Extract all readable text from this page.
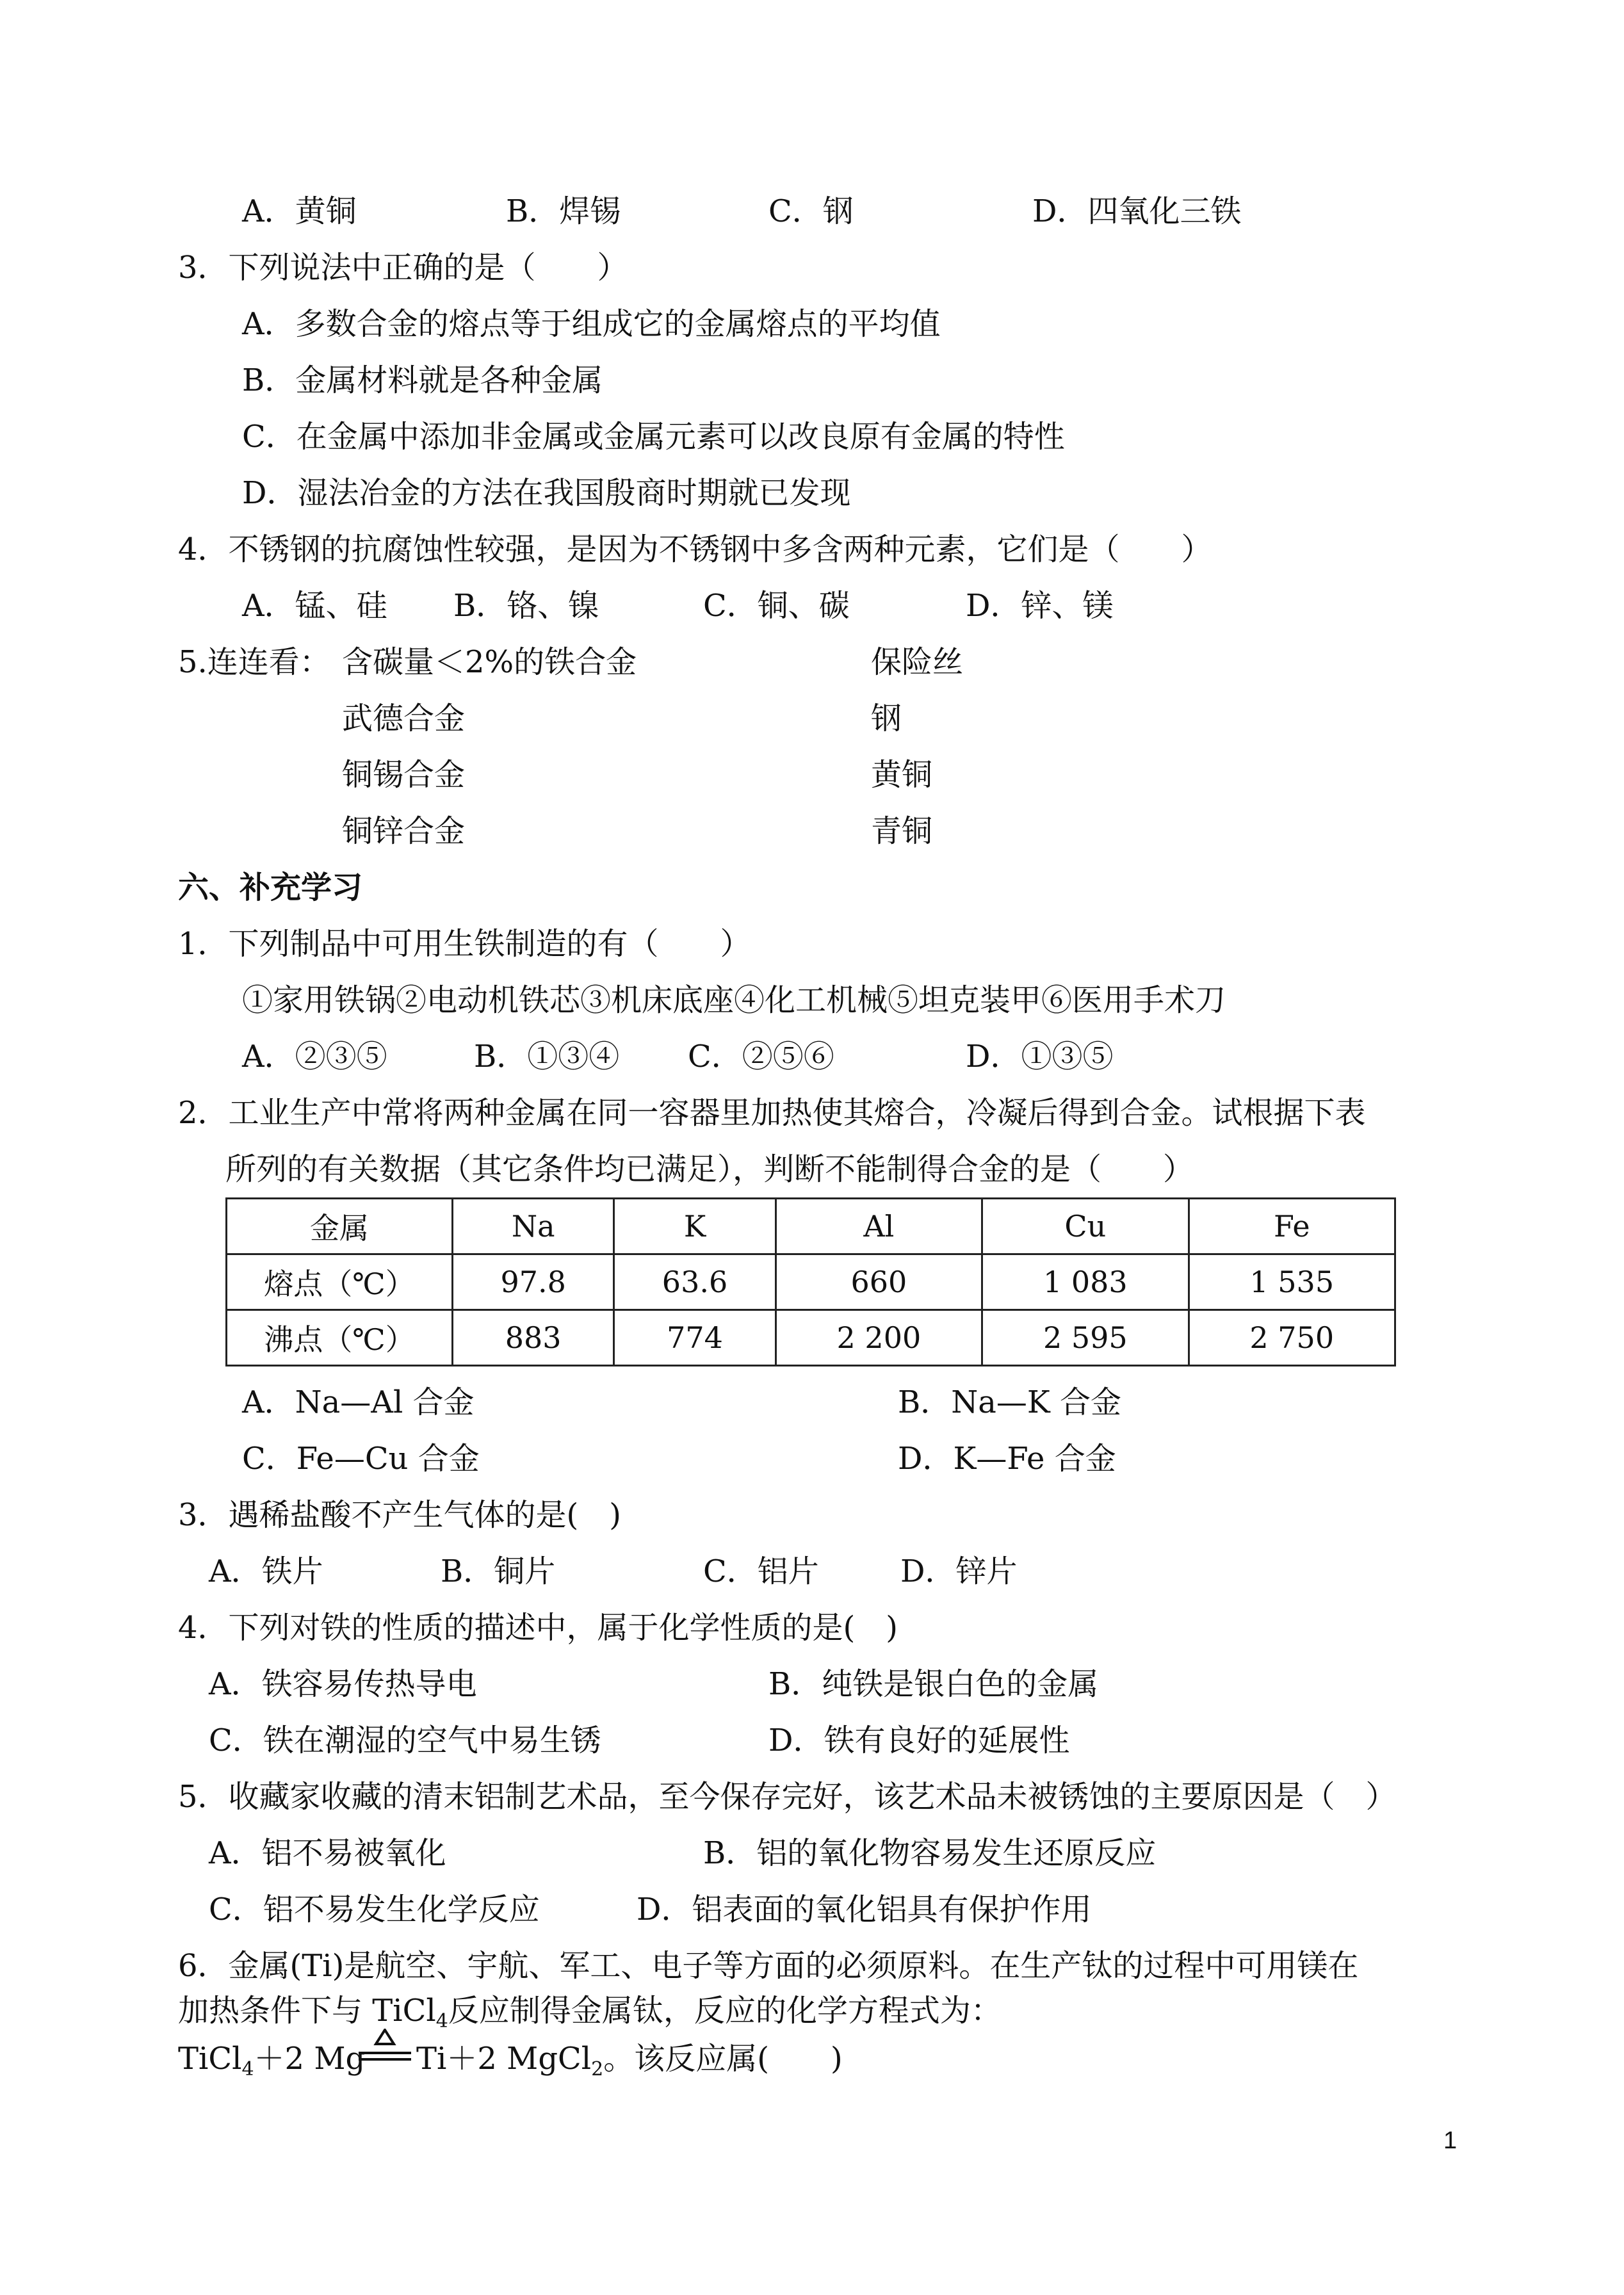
A．黄铜	B．焊锡	C．钢	D．四氧化三铁
3．下列说法中正确的是（　　）
A．多数合金的熔点等于组成它的金属熔点的平均值
B．金属材料就是各种金属
C．在金属中添加非金属或金属元素可以改良原有金属的特性
D．湿法冶金的方法在我国殷商时期就已发现
4．不锈钢的抗腐蚀性较强，是因为不锈钢中多含两种元素，它们是（　　）
A．锰、硅 B．铬、镍	C．铜、碳	D．锌、镁
5.连连看： 含碳量＜2%的铁合金
武德合金
铜锡合金
铜锌合金
保险丝
钢
黄铜
青铜
六、补充学习
1．下列制品中可用生铁制造的有（　　）
①家用铁锅②电动机铁芯③机床底座④化工机械⑤坦克装甲⑥医用手术刀
A．②③⑤	B．①③④ C．②⑤⑥	D．①③⑤
2．工业生产中常将两种金属在同一容器里加热使其熔合，冷凝后得到合金。试根据下表
所列的有关数据（其它条件均已满足），判断不能制得合金的是（　　）
金属	Na	K	Al	Cu	Fe
熔点（℃）	97.8	63.6	660	1 083	1 535
沸点（℃）	883	774	2 200	2 595	2 750
A．Na—Al 合金	B．Na—K 合金
C．Fe—Cu 合金	D．K—Fe 合金
3．遇稀盐酸不产生气体的是(　)
A．铁片	B．铜片	C．铝片	D．锌片
4．下列对铁的性质的描述中，属于化学性质的是(　)
A．铁容易传热导电	B．纯铁是银白色的金属
C．铁在潮湿的空气中易生锈	D．铁有良好的延展性
5．收藏家收藏的清末铝制艺术品，至今保存完好，该艺术品未被锈蚀的主要原因是（　）
A．铝不易被氧化	B．铝的氧化物容易发生还原反应
C．铝不易发生化学反应	D．铝表面的氧化铝具有保护作用
6．金属(Ti)是航空、宇航、军工、电子等方面的必须原料。在生产钛的过程中可用镁在
加热条件下与 TiCl$_4$反应制得金属钛，反应的化学方程式为：
TiCl$_4$＋2 Mg Ti＋2 MgCl$_2$。该反应属(　　)
1
